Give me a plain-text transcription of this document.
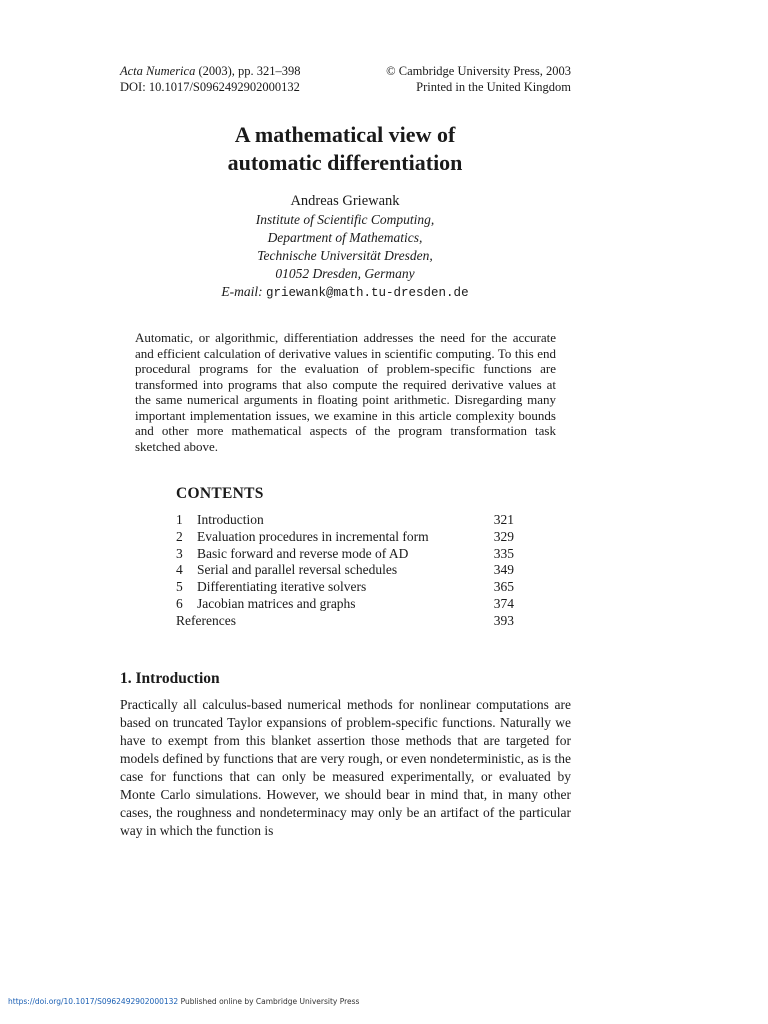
Acta Numerica (2003), pp. 321–398
DOI: 10.1017/S0962492902000132
© Cambridge University Press, 2003
Printed in the United Kingdom
A mathematical view of
automatic differentiation
Andreas Griewank
Institute of Scientific Computing,
Department of Mathematics,
Technische Universität Dresden,
01052 Dresden, Germany
E-mail: griewank@math.tu-dresden.de
Automatic, or algorithmic, differentiation addresses the need for the accurate and efficient calculation of derivative values in scientific computing. To this end procedural programs for the evaluation of problem-specific functions are transformed into programs that also compute the required derivative values at the same numerical arguments in floating point arithmetic. Disregarding many important implementation issues, we examine in this article complexity bounds and other more mathematical aspects of the program transformation task sketched above.
CONTENTS
1 Introduction	321
2 Evaluation procedures in incremental form	329
3 Basic forward and reverse mode of AD	335
4 Serial and parallel reversal schedules	349
5 Differentiating iterative solvers	365
6 Jacobian matrices and graphs	374
References	393
1. Introduction
Practically all calculus-based numerical methods for nonlinear computations are based on truncated Taylor expansions of problem-specific functions. Naturally we have to exempt from this blanket assertion those methods that are targeted for models defined by functions that are very rough, or even nondeterministic, as is the case for functions that can only be measured experimentally, or evaluated by Monte Carlo simulations. However, we should bear in mind that, in many other cases, the roughness and nondeterminacy may only be an artifact of the particular way in which the function is
https://doi.org/10.1017/S0962492902000132 Published online by Cambridge University Press
